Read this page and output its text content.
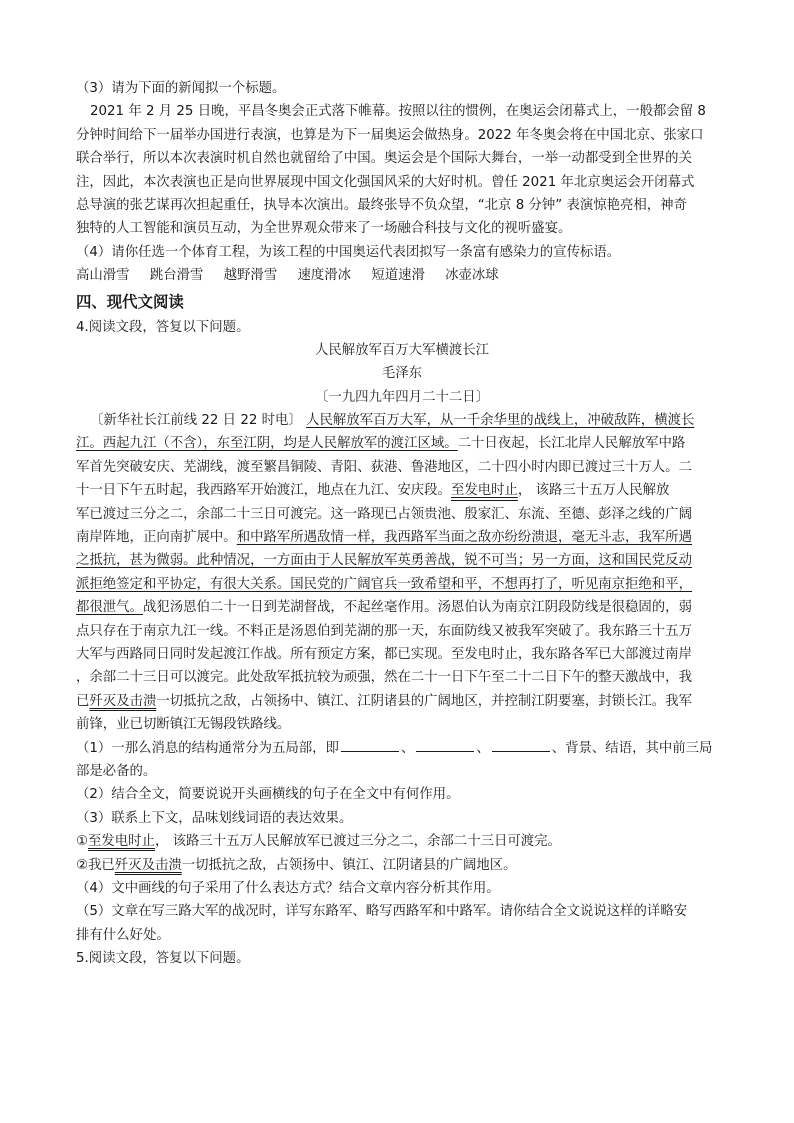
（3）请为下面的新闻拟一个标题。
2021 年 2 月 25 日晚，平昌冬奥会正式落下帷幕。按照以往的惯例，在奥运会闭幕式上，一般都会留 8
分钟时间给下一届举办国进行表演，也算是为下一届奥运会做热身。2022 年冬奥会将在中国北京、张家口
联合举行，所以本次表演时机自然也就留给了中国。奥运会是个国际大舞台，一举一动都受到全世界的关
注，因此，本次表演也正是向世界展现中国文化强国风采的大好时机。曾任 2021 年北京奥运会开闭幕式
总导演的张艺谋再次担起重任，执导本次演出。最终张导不负众望，“北京 8 分钟” 表演惊艳亮相，神奇
独特的人工智能和演员互动，为全世界观众带来了一场融合科技与文化的视听盛宴。
（4）请你任选一个体育工程，为该工程的中国奥运代表团拟写一条富有感染力的宣传标语。
高山滑雪 跳台滑雪 越野滑雪 速度滑冰 短道速滑 冰壶冰球
四、现代文阅读
4.阅读文段，答复以下问题。
人民解放军百万大军横渡长江
毛泽东
〔一九四九年四月二十二日〕
〔新华社长江前线 22 日 22 时电〕 人民解放军百万大军，从一千余华里的战线上，冲破敌阵，横渡长
江。西起九江（不含），东至江阴，均是人民解放军的渡江区域。二十日夜起，长江北岸人民解放军中路
军首先突破安庆、芜湖线，渡至繁昌铜陵、青阳、荻港、鲁港地区，二十四小时内即已渡过三十万人。二
十一日下午五时起，我西路军开始渡江，地点在九江、安庆段。至发电时止， 该路三十五万人民解放
军已渡过三分之二，余部二十三日可渡完。这一路现已占领贵池、殷家汇、东流、至德、彭泽之线的广阔
南岸阵地，正向南扩展中。和中路军所遇敌情一样，我西路军当面之敌亦纷纷溃退，毫无斗志，我军所遇
之抵抗，甚为微弱。此种情况，一方面由于人民解放军英勇善战，锐不可当；另一方面，这和国民党反动
派拒绝签定和平协定，有很大关系。国民党的广阔官兵一致希望和平，不想再打了，听见南京拒绝和平，
都很泄气。战犯汤恩伯二十一日到芜湖督战，不起丝毫作用。汤恩伯认为南京江阴段防线是很稳固的，弱
点只存在于南京九江一线。不料正是汤恩伯到芜湖的那一天，东面防线又被我军突破了。我东路三十五万
大军与西路同日同时发起渡江作战。所有预定方案，都已实现。至发电时止，我东路各军已大部渡过南岸
，余部二十三日可以渡完。此处敌军抵抗较为顽强，然在二十一日下午至二十二日下午的整天激战中，我
已歼灭及击溃一切抵抗之敌，占领扬中、镇江、江阴诸县的广阔地区，并控制江阴要塞，封锁长江。我军
前锋，业已切断镇江无锡段铁路线。
（1）一那么消息的结构通常分为五局部，即	、	、	、背景、结语，其中前三局
部是必备的。
（2）结合全文，简要说说开头画横线的句子在全文中有何作用。
（3）联系上下文，品味划线词语的表达效果。
①至发电时止， 该路三十五万人民解放军已渡过三分之二，余部二十三日可渡完。
②我已歼灭及击溃一切抵抗之敌，占领扬中、镇江、江阴诸县的广阔地区。
（4）文中画线的句子采用了什么表达方式？结合文章内容分析其作用。
（5）文章在写三路大军的战况时，详写东路军、略写西路军和中路军。请你结合全文说说这样的详略安
排有什么好处。
5.阅读文段，答复以下问题。
